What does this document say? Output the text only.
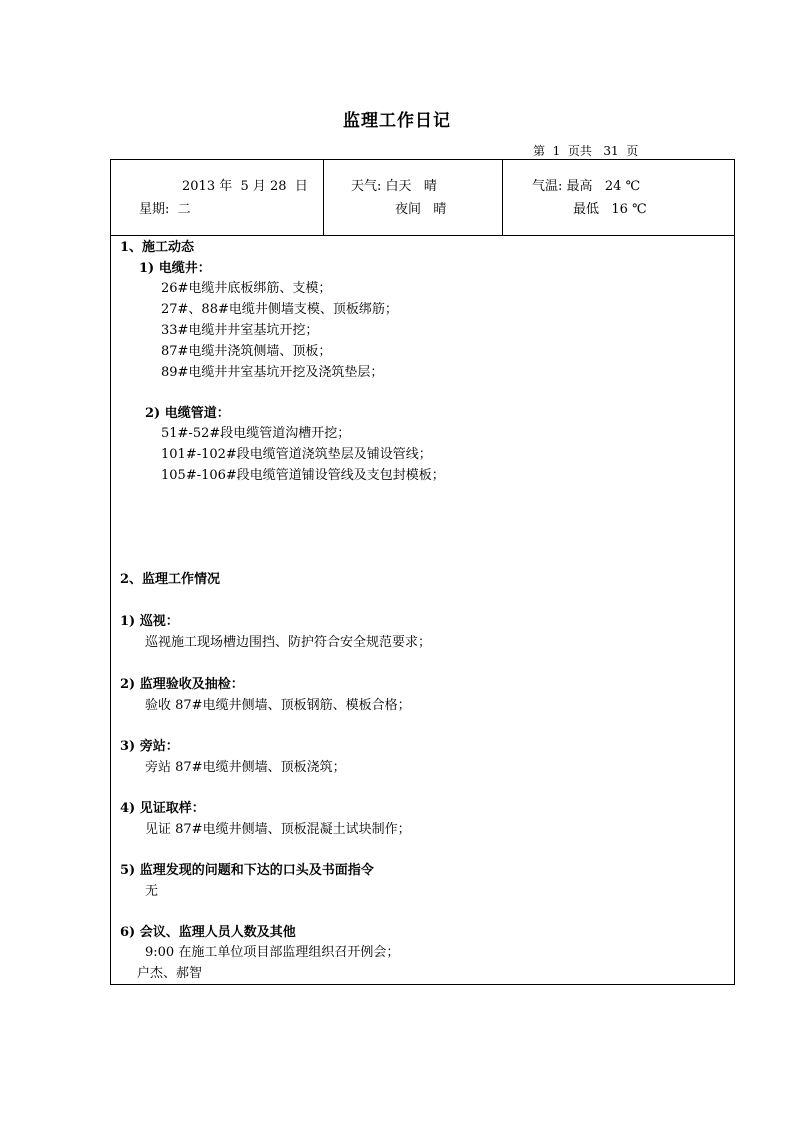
监理工作日记
第  1  页共   31  页
2013 年  5 月 28  日
星期:  二
天气: 白天   晴
夜间   晴
气温: 最高   24 ℃
最低   16 ℃
1、施工动态
1) 电缆井：
26#电缆井底板绑筋、支模；
27#、88#电缆井侧墙支模、顶板绑筋；
33#电缆井井室基坑开挖；
87#电缆井浇筑侧墙、顶板；
89#电缆井井室基坑开挖及浇筑垫层；
2) 电缆管道：
51#-52#段电缆管道沟槽开挖；
101#-102#段电缆管道浇筑垫层及铺设管线；
105#-106#段电缆管道铺设管线及支包封模板；
2、监理工作情况
1) 巡视：
巡视施工现场槽边围挡、防护符合安全规范要求；
2) 监理验收及抽检：
验收 87#电缆井侧墙、顶板钢筋、模板合格；
3) 旁站：
旁站 87#电缆井侧墙、顶板浇筑；
4) 见证取样：
见证 87#电缆井侧墙、顶板混凝土试块制作；
5) 监理发现的问题和下达的口头及书面指令
无
6) 会议、监理人员人数及其他
9:00 在施工单位项目部监理组织召开例会；
户杰、郝智
